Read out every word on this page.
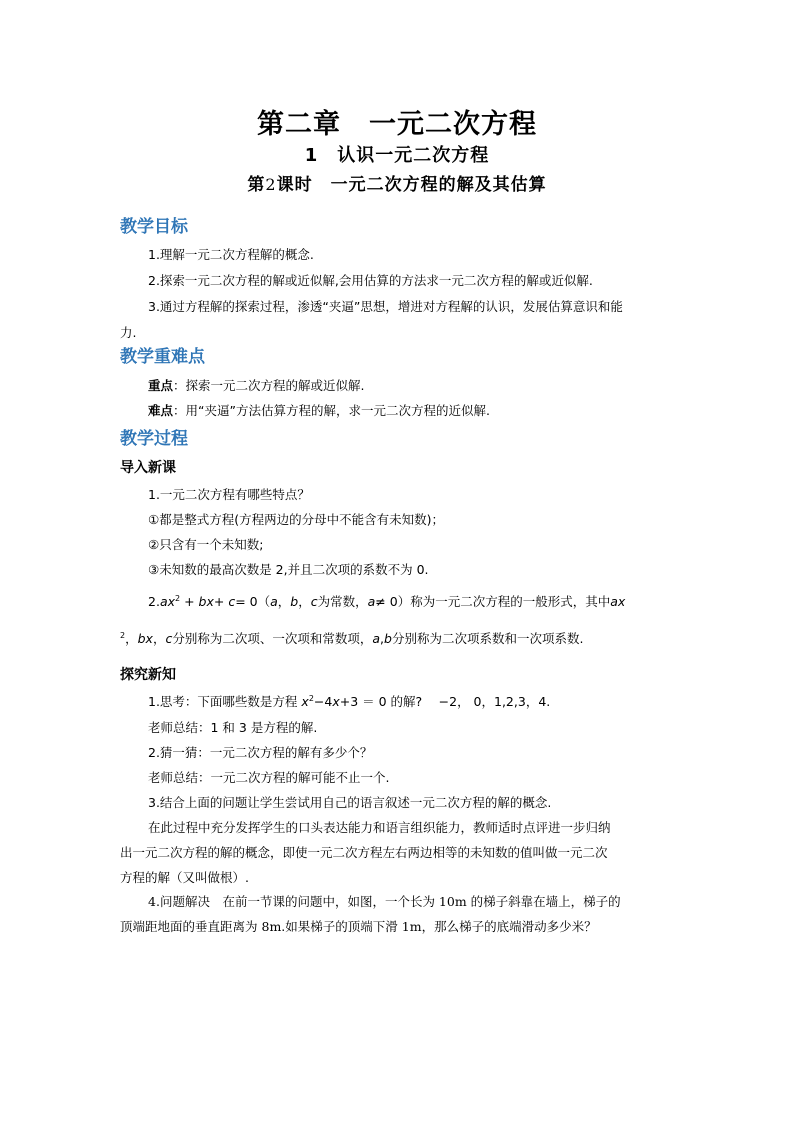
第二章　一元二次方程
1　认识一元二次方程
第2课时　一元二次方程的解及其估算
教学目标
1.理解一元二次方程解的概念.
2.探索一元二次方程的解或近似解,会用估算的方法求一元二次方程的解或近似解.
3.通过方程解的探索过程，渗透“夹逼”思想，增进对方程解的认识，发展估算意识和能
力.
教学重难点
重点：探索一元二次方程的解或近似解.
难点：用“夹逼”方法估算方程的解，求一元二次方程的近似解.
教学过程
导入新课
1.一元二次方程有哪些特点？
①都是整式方程(方程两边的分母中不能含有未知数)；
②只含有一个未知数;
③未知数的最高次数是 2,并且二次项的系数不为 0.
$2.ax^2 + bx+ c= 0(a$，b，c为常数，a≠ 0）称为一元二次方程的一般形式，其中ax
$^2$，bx，c分别称为二次项、一次项和常数项，a,b分别称为二次项系数和一次项系数.
探究新知
1.思考：下面哪些数是方程 $x^2-4x+3 = 0$ 的解?　 −2， 0，1,2,3，4.
老师总结：1 和 3 是方程的解.
2.猜一猜：一元二次方程的解有多少个？
老师总结：一元二次方程的解可能不止一个.
3.结合上面的问题让学生尝试用自己的语言叙述一元二次方程的解的概念.
在此过程中充分发挥学生的口头表达能力和语言组织能力，教师适时点评进一步归纳
出一元二次方程的解的概念，即使一元二次方程左右两边相等的未知数的值叫做一元二次
方程的解（又叫做根）.
4.问题解决　在前一节课的问题中，如图，一个长为 10m 的梯子斜靠在墙上，梯子的
顶端距地面的垂直距离为 8m.如果梯子的顶端下滑 1m，那么梯子的底端滑动多少米？
